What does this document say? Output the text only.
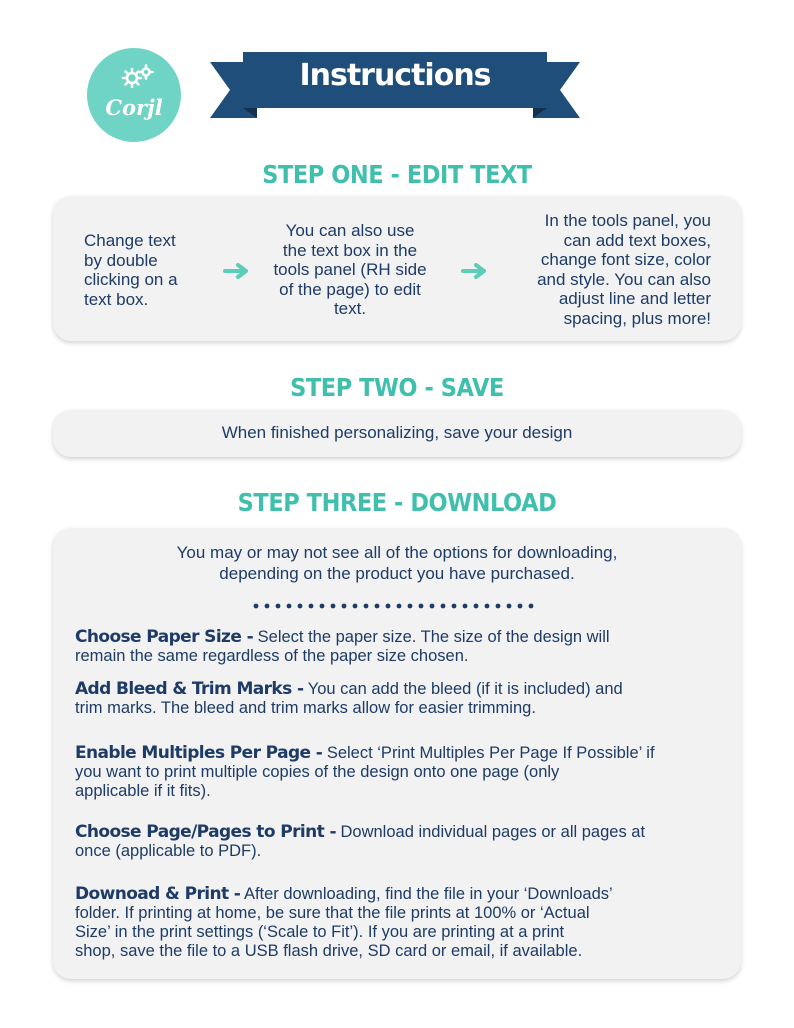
Corjl
Instructions
STEP ONE - EDIT TEXT
Change text
by double
clicking on a
text box.
You can also use
the text box in the
tools panel (RH side
of the page) to edit
text.
In the tools panel, you
can add text boxes,
change font size, color
and style. You can also
adjust line and letter
spacing, plus more!
STEP TWO - SAVE
When finished personalizing, save your design
STEP THREE - DOWNLOAD
You may or may not see all of the options for downloading,
depending on the product you have purchased.
Choose Paper Size - Select the paper size. The size of the design will
remain the same regardless of the paper size chosen.
Add Bleed & Trim Marks - You can add the bleed (if it is included) and
trim marks. The bleed and trim marks allow for easier trimming.
Enable Multiples Per Page - Select ‘Print Multiples Per Page If Possible’ if
you want to print multiple copies of the design onto one page (only
applicable if it fits).
Choose Page/Pages to Print - Download individual pages or all pages at
once (applicable to PDF).
Downoad & Print - After downloading, find the file in your ‘Downloads’
folder. If printing at home, be sure that the file prints at 100% or ‘Actual
Size’ in the print settings (‘Scale to Fit’). If you are printing at a print
shop, save the file to a USB flash drive, SD card or email, if available.
